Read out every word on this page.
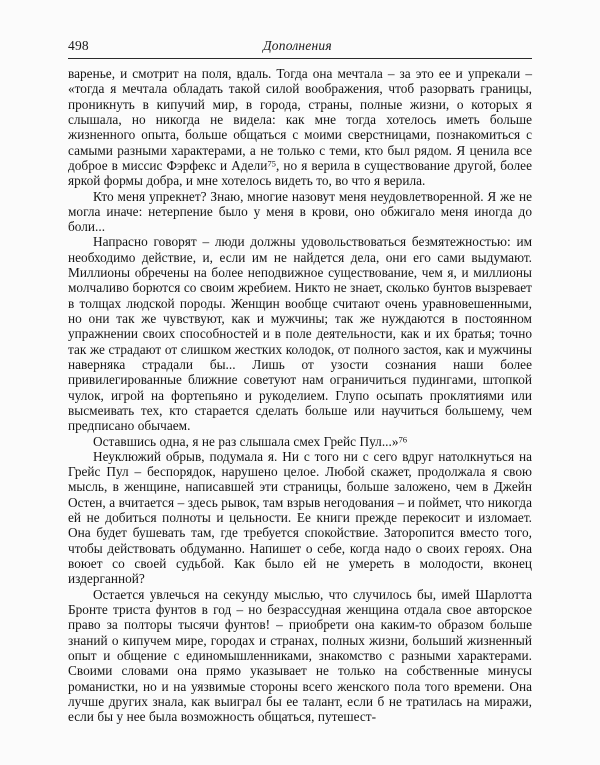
498	Дополнения

варенье, и смотрит на поля, вдаль. Тогда она мечтала – за это ее и упрекали – «тогда я мечтала обладать такой силой воображения, чтоб разорвать границы, проникнуть в кипучий мир, в города, страны, полные жизни, о которых я слышала, но никогда не видела: как мне тогда хотелось иметь больше жизненного опыта, больше общаться с моими сверстницами, познакомиться с самыми разными характерами, а не только с теми, кто был рядом. Я ценила все доброе в миссис Фэрфекс и Адели$^{75}$, но я верила в существование другой, более яркой формы добра, и мне хотелось видеть то, во что я верила.

Кто меня упрекнет? Знаю, многие назовут меня неудовлетворенной. Я же не могла иначе: нетерпение было у меня в крови, оно обжигало меня иногда до боли...

Напрасно говорят – люди должны удовольствоваться безмятежностью: им необходимо действие, и, если им не найдется дела, они его сами выдумают. Миллионы обречены на более неподвижное существование, чем я, и миллионы молчаливо борются со своим жребием. Никто не знает, сколько бунтов вызревает в толщах людской породы. Женщин вообще считают очень уравновешенными, но они так же чувствуют, как и мужчины; так же нуждаются в постоянном упражнении своих способностей и в поле деятельности, как и их братья; точно так же страдают от слишком жестких колодок, от полного застоя, как и мужчины наверняка страдали бы... Лишь от узости сознания наши более привилегированные ближние советуют нам ограничиться пудингами, штопкой чулок, игрой на фортепьяно и рукоделием. Глупо осыпать проклятиями или высмеивать тех, кто старается сделать больше или научиться большему, чем предписано обычаем.

Оставшись одна, я не раз слышала смех Грейс Пул...»$^{76}$

Неуклюжий обрыв, подумала я. Ни с того ни с сего вдруг натолкнуться на Грейс Пул – беспорядок, нарушено целое. Любой скажет, продолжала я свою мысль, в женщине, написавшей эти страницы, больше заложено, чем в Джейн Остен, а вчитается – здесь рывок, там взрыв негодования – и поймет, что никогда ей не добиться полноты и цельности. Ее книги прежде перекосит и изломает. Она будет бушевать там, где требуется спокойствие. Заторопится вместо того, чтобы действовать обдуманно. Напишет о себе, когда надо о своих героях. Она воюет со своей судьбой. Как было ей не умереть в молодости, вконец издерганной?

Остается увлечься на секунду мыслью, что случилось бы, имей Шарлотта Бронте триста фунтов в год – но безрассудная женщина отдала свое авторское право за полторы тысячи фунтов! – приобрети она каким-то образом больше знаний о кипучем мире, городах и странах, полных жизни, больший жизненный опыт и общение с единомышленниками, знакомство с разными характерами. Своими словами она прямо указывает не только на собственные минусы романистки, но и на уязвимые стороны всего женского пола того времени. Она лучше других знала, как выиграл бы ее талант, если б не тратилась на миражи, если бы у нее была возможность общаться, путешест-
